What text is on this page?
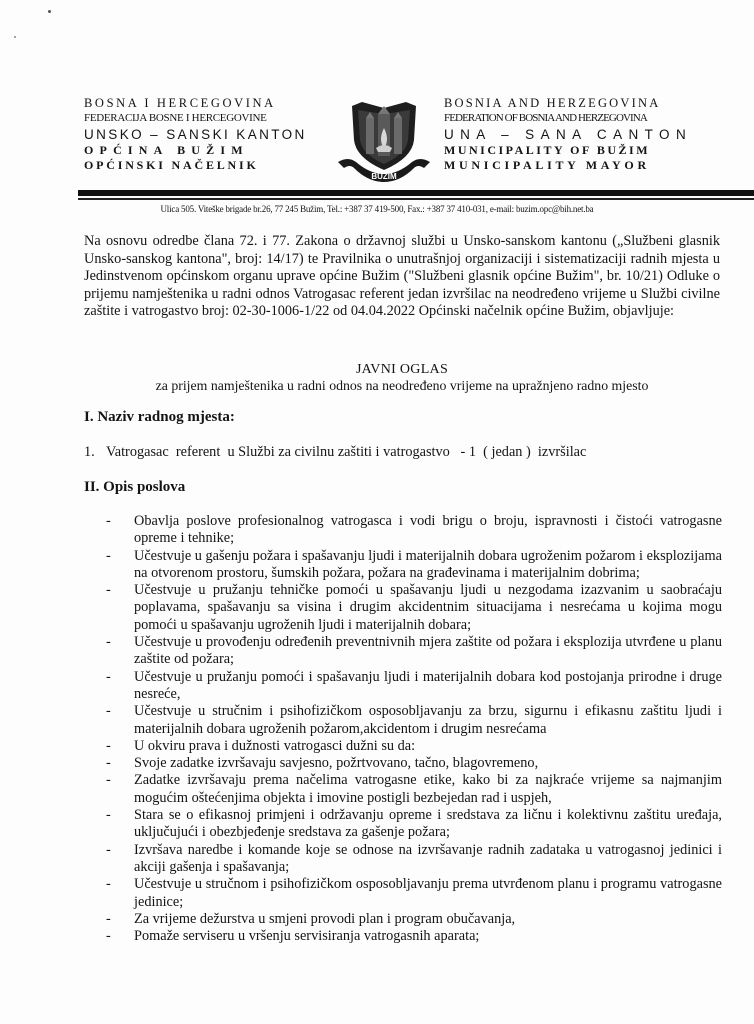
BOSNA I HERCEGOVINA
FEDERACIJA BOSNE I HERCEGOVINE
UNSKO – SANSKI KANTON
OPĆINA BUŽIM
OPĆINSKI NAČELNIK
BUŽIM
BOSNIA AND HERZEGOVINA
FEDERATION OF BOSNIA AND HERZEGOVINA
UNA – SANA CANTON
MUNICIPALITY OF BUŽIM
MUNICIPALITY MAYOR
Ulica 505. Viteške brigade br.26, 77 245 Bužim, Tel.: +387 37 419-500, Fax.: +387 37 410-031, e-mail: buzim.opc@bih.net.ba
Na osnovu odredbe člana 72. i 77. Zakona o državnoj službi u Unsko-sanskom kantonu („Službeni glasnik Unsko-sanskog kantona", broj: 14/17) te Pravilnika o unutrašnjoj organizaciji i sistematizaciji radnih mjesta u Jedinstvenom općinskom organu uprave općine Bužim ("Službeni glasnik općine Bužim", br. 10/21) Odluke o prijemu namještenika u radni odnos Vatrogasac referent jedan izvršilac na neodređeno vrijeme u Službi civilne zaštite i vatrogastvo broj: 02-30-1006-1/22 od 04.04.2022 Općinski načelnik općine Bužim, objavljuje:
JAVNI OGLAS
za prijem namještenika u radni odnos na neodređeno vrijeme na upražnjeno radno mjesto
I. Naziv radnog mjesta:
1. Vatrogasac  referent  u Službi za civilnu zaštiti i vatrogastvo   - 1  ( jedan )  izvršilac
II. Opis poslova
- Obavlja poslove profesionalnog vatrogasca i vodi brigu o broju, ispravnosti i čistoći vatrogasne opreme i tehnike;
- Učestvuje u gašenju požara i spašavanju ljudi i materijalnih dobara ugroženim požarom i eksplozijama na otvorenom prostoru, šumskih požara, požara na građevinama i materijalnim dobrima;
- Učestvuje u pružanju tehničke pomoći u spašavanju ljudi u nezgodama izazvanim u saobraćaju poplavama, spašavanju sa visina i drugim akcidentnim situacijama i nesrećama u kojima mogu pomoći u spašavanju ugroženih ljudi i materijalnih dobara;
- Učestvuje u provođenju određenih preventnivnih mjera zaštite od požara i eksplozija utvrđene u planu zaštite od požara;
- Učestvuje u pružanju pomoći i spašavanju ljudi i materijalnih dobara kod postojanja prirodne i druge nesreće,
- Učestvuje u stručnim i psihofizičkom osposobljavanju za brzu, sigurnu i efikasnu zaštitu ljudi i materijalnih dobara ugroženih požarom,akcidentom i drugim nesrećama
- U okviru prava i dužnosti vatrogasci dužni su da:
- Svoje zadatke izvršavaju savjesno, požrtvovano, tačno, blagovremeno,
- Zadatke izvršavaju prema načelima vatrogasne etike, kako bi za najkraće vrijeme sa najmanjim mogućim oštećenjima objekta i imovine postigli bezbejedan rad i uspjeh,
- Stara se o efikasnoj primjeni i održavanju opreme i sredstava za ličnu i kolektivnu zaštitu uređaja, uključujući i obezbjeđenje sredstava za gašenje požara;
- Izvršava naredbe i komande koje se odnose na izvršavanje radnih zadataka u vatrogasnoj jedinici i akciji gašenja i spašavanja;
- Učestvuje u stručnom i psihofizičkom osposobljavanju prema utvrđenom planu i programu vatrogasne jedinice;
- Za vrijeme dežurstva u smjeni provodi plan i program obučavanja,
- Pomaže serviseru u vršenju servisiranja vatrogasnih aparata;
